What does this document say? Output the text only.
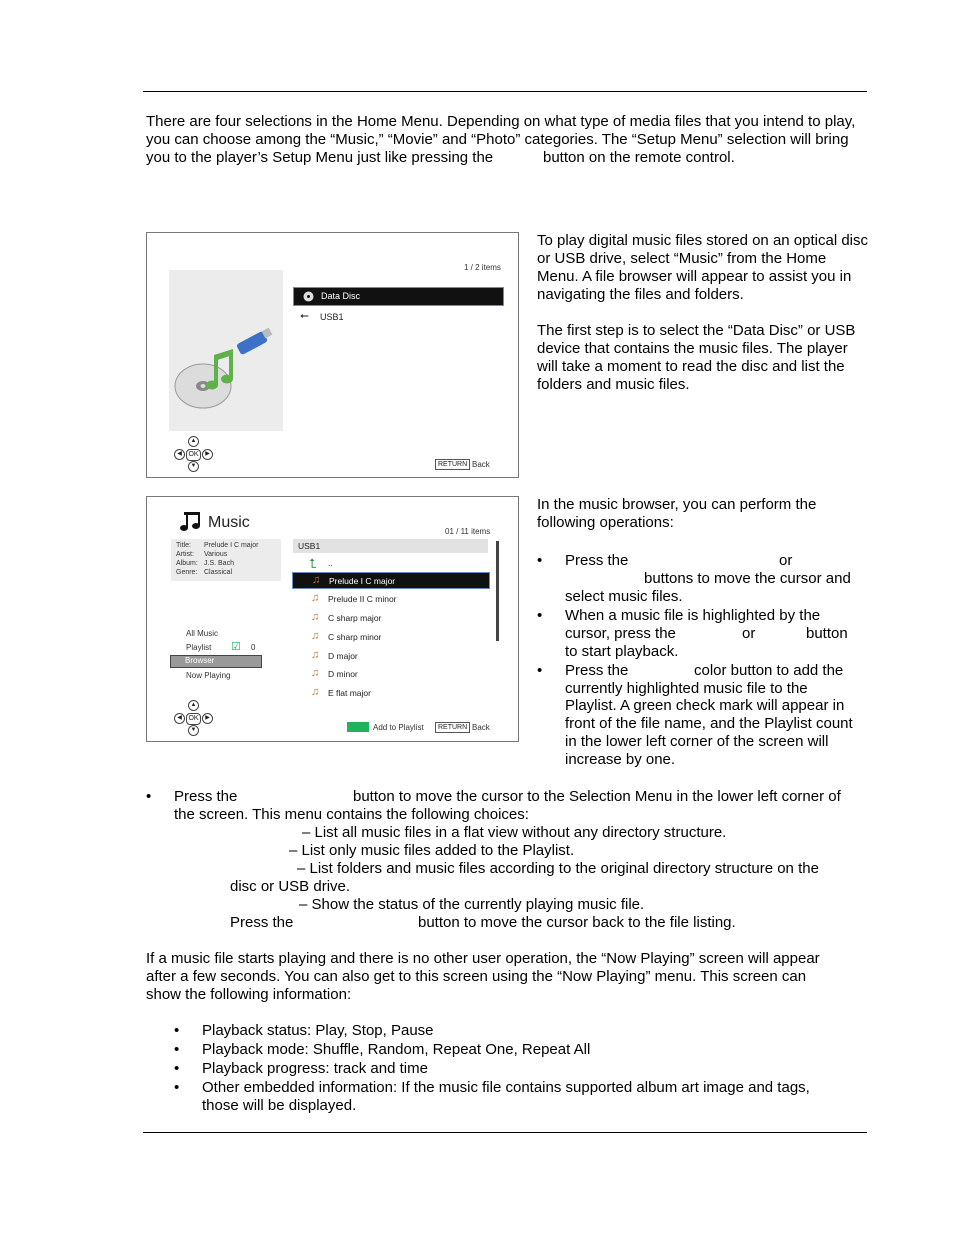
There are four selections in the Home Menu. Depending on what type of media files that you intend to play,
you can choose among the “Music,” “Movie” and “Photo” categories. The “Setup Menu” selection will bring
you to the player’s Setup Menu just like pressing the	button on the remote control.
1 / 2 items
Data Disc
⭠ USB1
▲
◀ OK	▶
▼	RETURN Back
To play digital music files stored on an optical disc
or USB drive, select “Music” from the Home
Menu. A file browser will appear to assist you in
navigating the files and folders.
The first step is to select the “Data Disc” or USB
device that contains the music files. The player
will take a moment to read the disc and list the
folders and music files.
Music
01 / 11 items
Title: Prelude I C major
Artist: Various
Album: J.S. Bach
Genre: Classical
All Music
Playlist ☑ 0
Browser
Now Playing
USB1
⮤ ..
♫ Prelude I C major
♫ Prelude II C minor
♫ C sharp major
♫ C sharp minor
♫ D major
♫ D minor
♫ E flat major
▲
◀ OK	▶
▼	Add to Playlist	RETURN Back
In the music browser, you can perform the
following operations:
• Press the	or
buttons to move the cursor and
select music files.
• When a music file is highlighted by the
cursor, press the	or	button
to start playback.
• Press the	color button to add the
currently highlighted music file to the
Playlist. A green check mark will appear in
front of the file name, and the Playlist count
in the lower left corner of the screen will
increase by one.
• Press the	button to move the cursor to the Selection Menu in the lower left corner of
the screen. This menu contains the following choices:
– List all music files in a flat view without any directory structure.
– List only music files added to the Playlist.
– List folders and music files according to the original directory structure on the
disc or USB drive.
– Show the status of the currently playing music file.
Press the	button to move the cursor back to the file listing.
If a music file starts playing and there is no other user operation, the “Now Playing” screen will appear
after a few seconds. You can also get to this screen using the “Now Playing” menu. This screen can
show the following information:
• Playback status: Play, Stop, Pause
• Playback mode: Shuffle, Random, Repeat One, Repeat All
• Playback progress: track and time
• Other embedded information: If the music file contains supported album art image and tags,
those will be displayed.
